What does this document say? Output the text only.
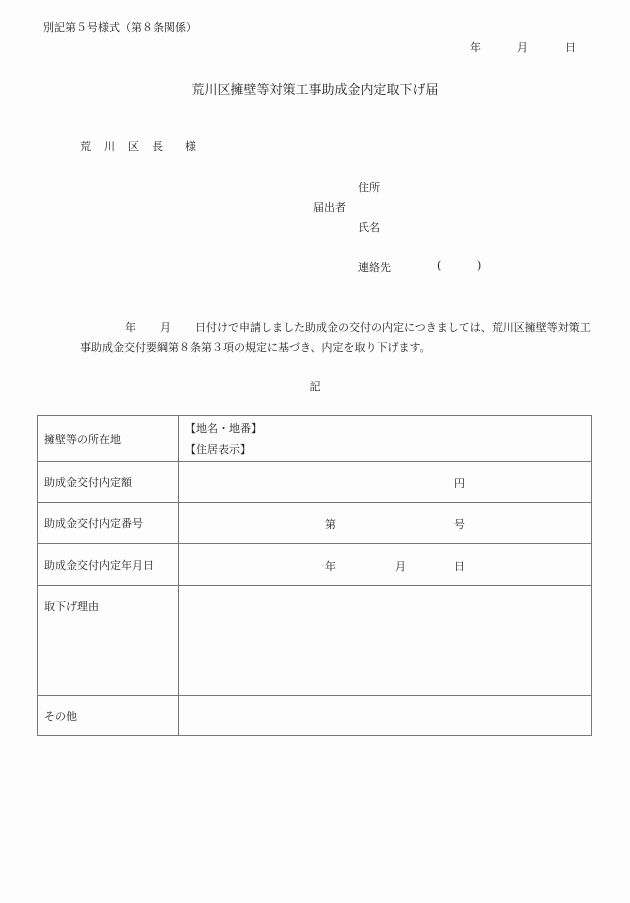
別記第５号様式（第８条関係）
年	月	日
荒川区擁壁等対策工事助成金内定取下げ届
荒 川 区 長 様
住所
届出者
氏名
連絡先	(	)
年 月 日付けで申請しました助成金の交付の内定につきましては、荒川区擁壁等対策工事助成金交付要綱第８条第３項の規定に基づき、内定を取り下げます。
記
擁壁等の所在地	【地名・地番】
【住居表示】

助成金交付内定額	円

助成金交付内定番号	第 号

助成金交付内定年月日	年 月 日

取下げ理由	
その他	
